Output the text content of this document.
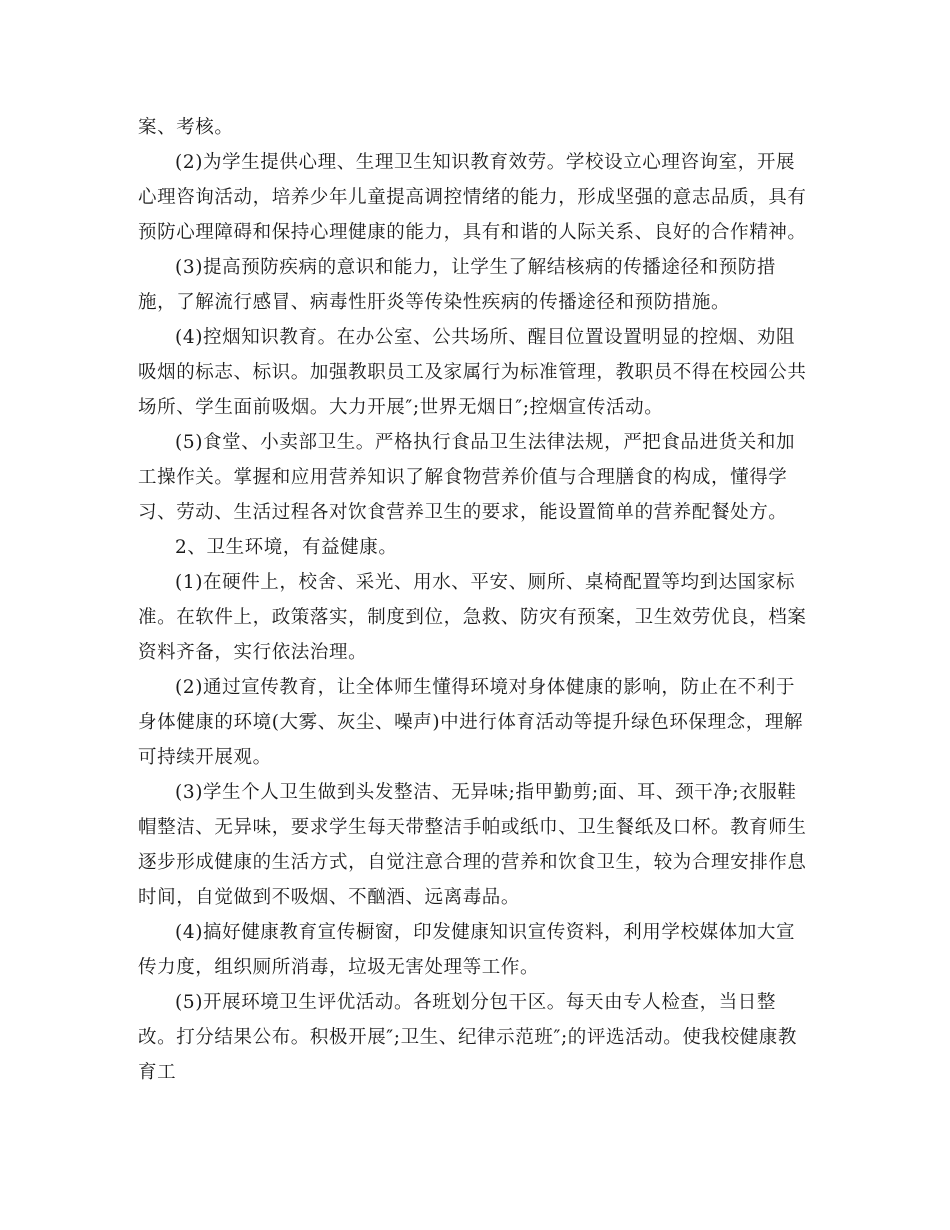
案、考核。

(2)为学生提供心理、生理卫生知识教育效劳。学校设立心理咨询室，开展心理咨询活动，培养少年儿童提高调控情绪的能力，形成坚强的意志品质，具有预防心理障碍和保持心理健康的能力，具有和谐的人际关系、良好的合作精神。

(3)提高预防疾病的意识和能力，让学生了解结核病的传播途径和预防措施，了解流行感冒、病毒性肝炎等传染性疾病的传播途径和预防措施。

(4)控烟知识教育。在办公室、公共场所、醒目位置设置明显的控烟、劝阻吸烟的标志、标识。加强教职员工及家属行为标准管理，教职员不得在校园公共场所、学生面前吸烟。大力开展″;世界无烟日″;控烟宣传活动。

(5)食堂、小卖部卫生。严格执行食品卫生法律法规，严把食品进货关和加工操作关。掌握和应用营养知识了解食物营养价值与合理膳食的构成，懂得学习、劳动、生活过程各对饮食营养卫生的要求，能设置简单的营养配餐处方。

2、卫生环境，有益健康。

(1)在硬件上，校舍、采光、用水、平安、厕所、桌椅配置等均到达国家标准。在软件上，政策落实，制度到位，急救、防灾有预案，卫生效劳优良，档案资料齐备，实行依法治理。

(2)通过宣传教育，让全体师生懂得环境对身体健康的影响，防止在不利于身体健康的环境(大雾、灰尘、噪声)中进行体育活动等提升绿色环保理念，理解可持续开展观。

(3)学生个人卫生做到头发整洁、无异味;指甲勤剪;面、耳、颈干净;衣服鞋帽整洁、无异味，要求学生每天带整洁手帕或纸巾、卫生餐纸及口杯。教育师生逐步形成健康的生活方式，自觉注意合理的营养和饮食卫生，较为合理安排作息时间，自觉做到不吸烟、不酗酒、远离毒品。

(4)搞好健康教育宣传橱窗，印发健康知识宣传资料，利用学校媒体加大宣传力度，组织厕所消毒，垃圾无害处理等工作。

(5)开展环境卫生评优活动。各班划分包干区。每天由专人检查，当日整改。打分结果公布。积极开展″;卫生、纪律示范班″;的评选活动。使我校健康教育工
